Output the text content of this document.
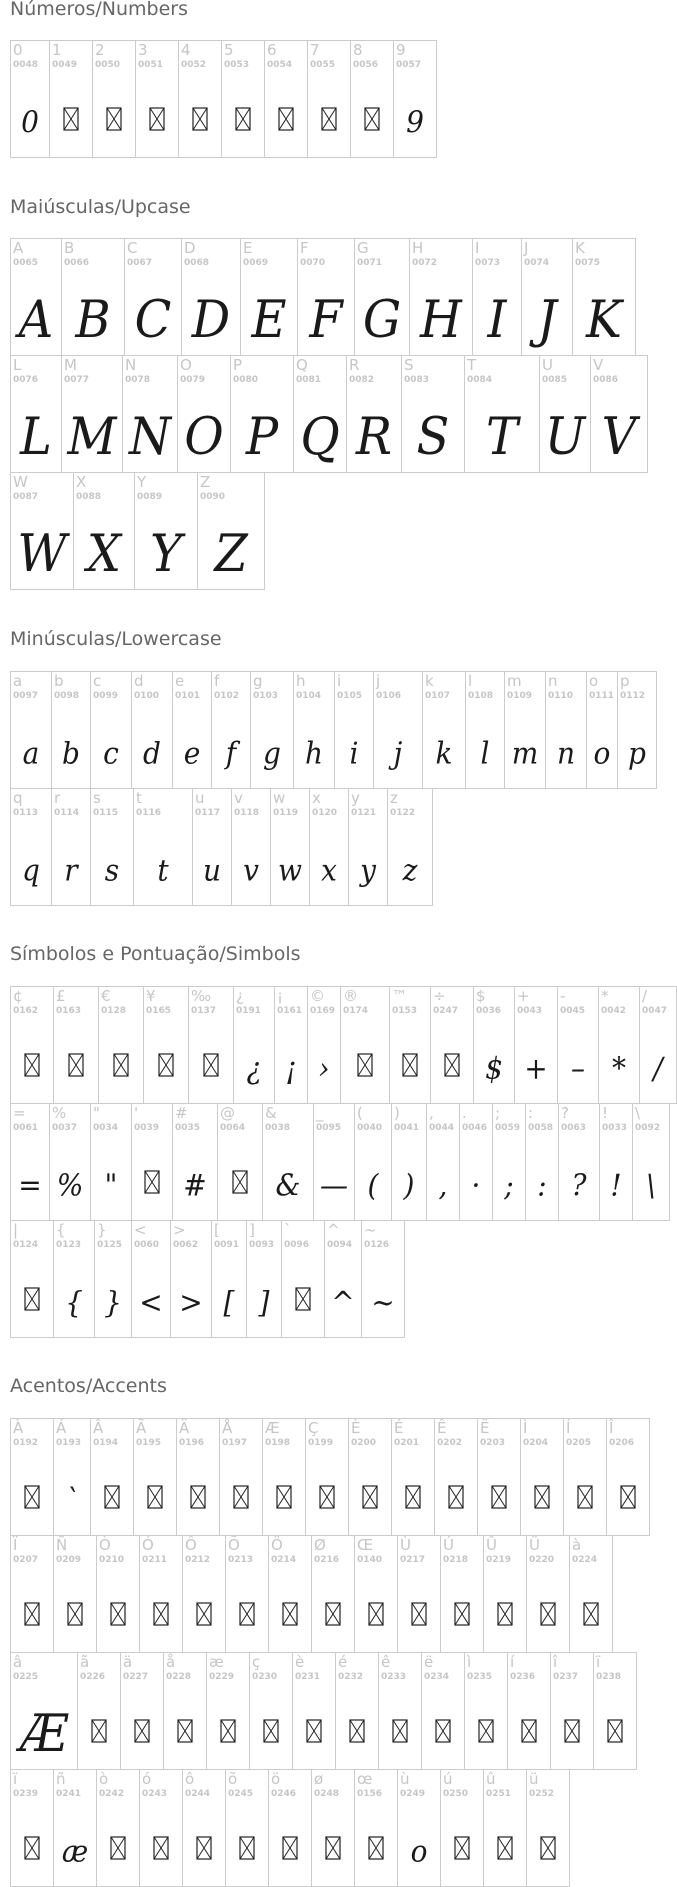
Números/Numbers
0
0048
0
1
0049
2
0050
3
0051
4
0052
5
0053
6
0054
7
0055
8
0056
9
0057
9
Maiúsculas/Upcase
A
0065
A
B
0066
B
C
0067
C
D
0068
D
E
0069
E
F
0070
F
G
0071
G
H
0072
H
I
0073
I
J
0074
J
K
0075
K
L
0076
L
M
0077
M
N
0078
N
O
0079
O
P
0080
P
Q
0081
Q
R
0082
R
S
0083
S
T
0084
T
U
0085
U
V
0086
V
W
0087
W
X
0088
X
Y
0089
Y
Z
0090
Z
Minúsculas/Lowercase
a
0097
a
b
0098
b
c
0099
c
d
0100
d
e
0101
e
f
0102
f
g
0103
g
h
0104
h
i
0105
i
j
0106
j
k
0107
k
l
0108
l
m
0109
m
n
0110
n
o
0111
o
p
0112
p
q
0113
q
r
0114
r
s
0115
s
t
0116
t
u
0117
u
v
0118
v
w
0119
w
x
0120
x
y
0121
y
z
0122
z
Símbolos e Pontuação/Simbols
¢
0162
£
0163
€
0128
¥
0165
‰
0137
¿
0191
¿
¡
0161
¡
©
0169
›
®
0174
™
0153
÷
0247
$
0036
$
+
0043
+
-
0045
–
*
0042
*
/
0047
/
=
0061
=
%
0037
%
"
0034
"
'
0039
#
0035
#
@
0064
&
0038
&
_
0095
—
(
0040
(
)
0041
)
,
0044
,
.
0046
·
;
0059
;
:
0058
:
?
0063
?
!
0033
!
\
0092
\
|
0124
{
0123
{
}
0125
}
<
0060
<
>
0062
>
[
0091
[
]
0093
]
`
0096
^
0094
^
~
0126
~
Acentos/Accents
À
0192
Á
0193
`
Â
0194
Ã
0195
Ä
0196
Å
0197
Æ
0198
Ç
0199
È
0200
É
0201
Ê
0202
Ë
0203
Ì
0204
Í
0205
Î
0206
Ï
0207
Ñ
0209
Ò
0210
Ó
0211
Ô
0212
Õ
0213
Ö
0214
Ø
0216
Œ
0140
Ù
0217
Ú
0218
Û
0219
Ü
0220
à
0224
â
0225
Æ
ã
0226
ä
0227
å
0228
æ
0229
ç
0230
è
0231
é
0232
ê
0233
ë
0234
ì
0235
í
0236
î
0237
ï
0238
ï
0239
ñ
0241
æ
ò
0242
ó
0243
ô
0244
õ
0245
ö
0246
ø
0248
œ
0156
ù
0249
o
ú
0250
û
0251
ü
0252
